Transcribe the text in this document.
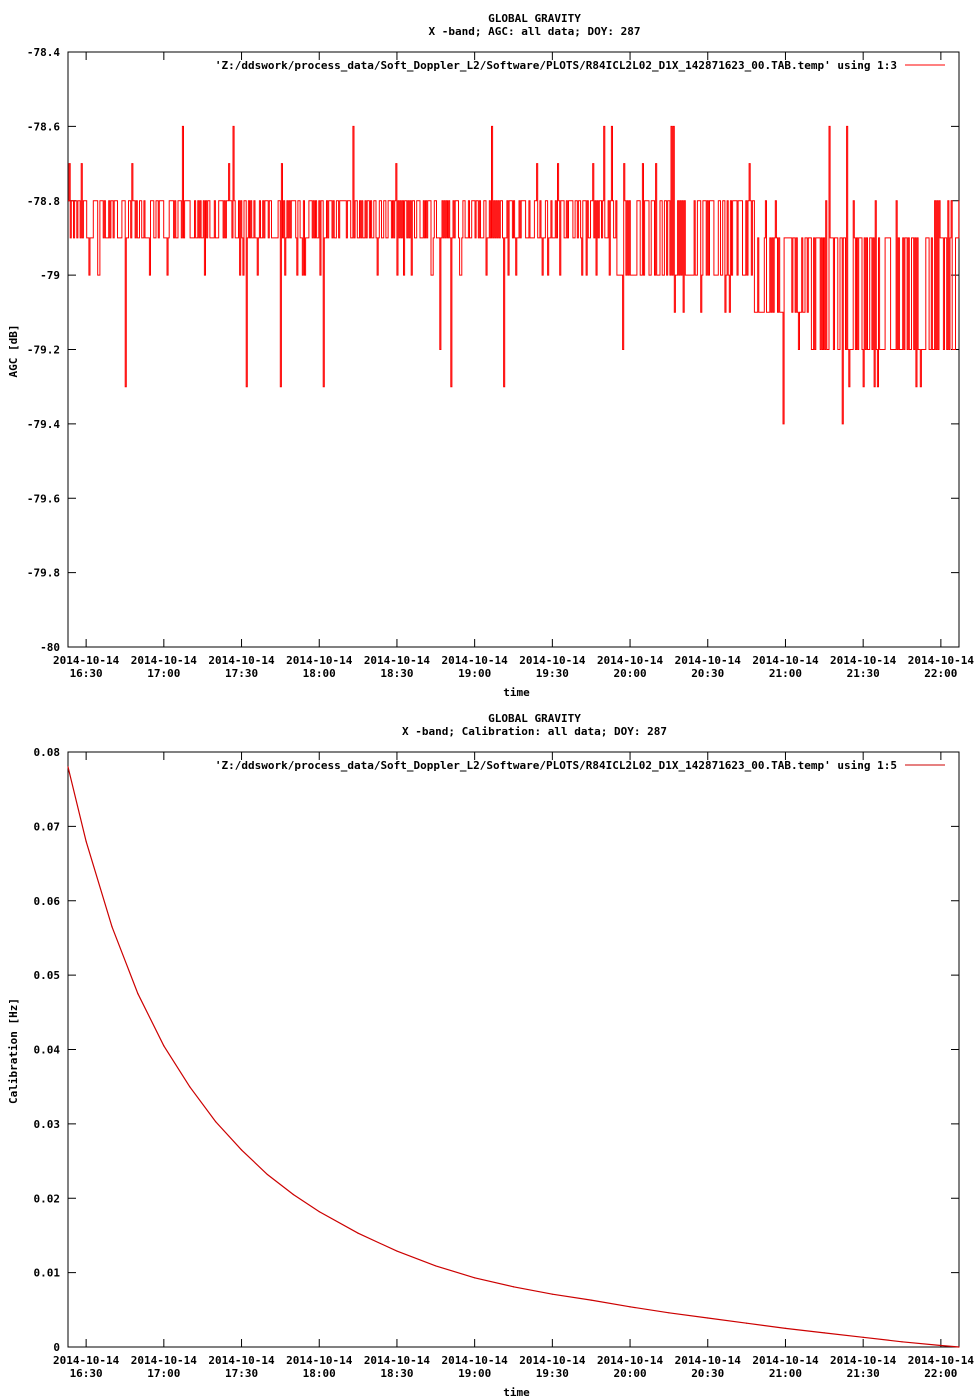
GLOBAL GRAVITY
X -band; AGC: all data; DOY: 287
-78.4
-78.6
-78.8
-79
-79.2
-79.4
-79.6
-79.8
-80
2014-10-14
16:30
2014-10-14
17:00
2014-10-14
17:30
2014-10-14
18:00
2014-10-14
18:30
2014-10-14
19:00
2014-10-14
19:30
2014-10-14
20:00
2014-10-14
20:30
2014-10-14
21:00
2014-10-14
21:30
2014-10-14
22:00
time
AGC [dB]
'Z:/ddswork/process_data/Soft_Doppler_L2/Software/PLOTS/R84ICL2L02_D1X_142871623_00.TAB.temp' using 1:3
GLOBAL GRAVITY
X -band; Calibration: all data; DOY: 287
0.08
0.07
0.06
0.05
0.04
0.03
0.02
0.01
0
2014-10-14
16:30
2014-10-14
17:00
2014-10-14
17:30
2014-10-14
18:00
2014-10-14
18:30
2014-10-14
19:00
2014-10-14
19:30
2014-10-14
20:00
2014-10-14
20:30
2014-10-14
21:00
2014-10-14
21:30
2014-10-14
22:00
time
Calibration [Hz]
'Z:/ddswork/process_data/Soft_Doppler_L2/Software/PLOTS/R84ICL2L02_D1X_142871623_00.TAB.temp' using 1:5
